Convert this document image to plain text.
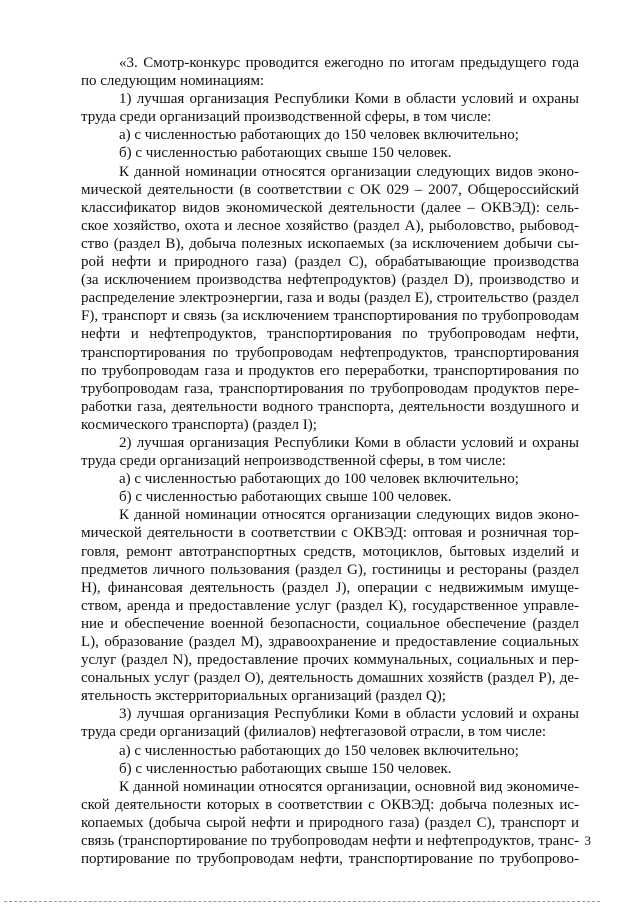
«3. Смотр-конкурс проводится ежегодно по итогам предыдущего года
по следующим номинациям:

1) лучшая организация Республики Коми в области условий и охраны
труда среди организаций производственной сферы, в том числе:

а) с численностью работающих до 150 человек включительно;

б) с численностью работающих свыше 150 человек.

К данной номинации относятся организации следующих видов эконо-
мической деятельности (в соответствии с ОК 029 – 2007, Общероссийский
классификатор видов экономической деятельности (далее – ОКВЭД): сель-
ское хозяйство, охота и лесное хозяйство (раздел А), рыболовство, рыбовод-
ство (раздел В), добыча полезных ископаемых (за исключением добычи сы-
рой нефти и природного газа) (раздел С), обрабатывающие производства
(за исключением производства нефтепродуктов) (раздел D), производство и
распределение электроэнергии, газа и воды (раздел Е), строительство (раздел
F), транспорт и связь (за исключением транспортирования по трубопроводам
нефти и нефтепродуктов, транспортирования по трубопроводам нефти,
транспортирования по трубопроводам нефтепродуктов, транспортирования
по трубопроводам газа и продуктов его переработки, транспортирования по
трубопроводам газа, транспортирования по трубопроводам продуктов пере-
работки газа, деятельности водного транспорта, деятельности воздушного и
космического транспорта) (раздел I);

2) лучшая организация Республики Коми в области условий и охраны
труда среди организаций непроизводственной сферы, в том числе:

а) с численностью работающих до 100 человек включительно;

б) с численностью работающих свыше 100 человек.

К данной номинации относятся организации следующих видов эконо-
мической деятельности в соответствии с ОКВЭД: оптовая и розничная тор-
говля, ремонт автотранспортных средств, мотоциклов, бытовых изделий и
предметов личного пользования (раздел G), гостиницы и рестораны (раздел
Н), финансовая деятельность (раздел J), операции с недвижимым имуще-
ством, аренда и предоставление услуг (раздел К), государственное управле-
ние и обеспечение военной безопасности, социальное обеспечение (раздел
L), образование (раздел М), здравоохранение и предоставление социальных
услуг (раздел N), предоставление прочих коммунальных, социальных и пер-
сональных услуг (раздел О), деятельность домашних хозяйств (раздел Р), де-
ятельность экстерриториальных организаций (раздел Q);

3) лучшая организация Республики Коми в области условий и охраны
труда среди организаций (филиалов) нефтегазовой отрасли, в том числе:

а) с численностью работающих до 150 человек включительно;

б) с численностью работающих свыше 150 человек.

К данной номинации относятся организации, основной вид экономиче-
ской деятельности которых в соответствии с ОКВЭД: добыча полезных ис-
копаемых (добыча сырой нефти и природного газа) (раздел С), транспорт и
связь (транспортирование по трубопроводам нефти и нефтепродуктов, транс-
портирование по трубопроводам нефти, транспортирование по трубопрово-

3
